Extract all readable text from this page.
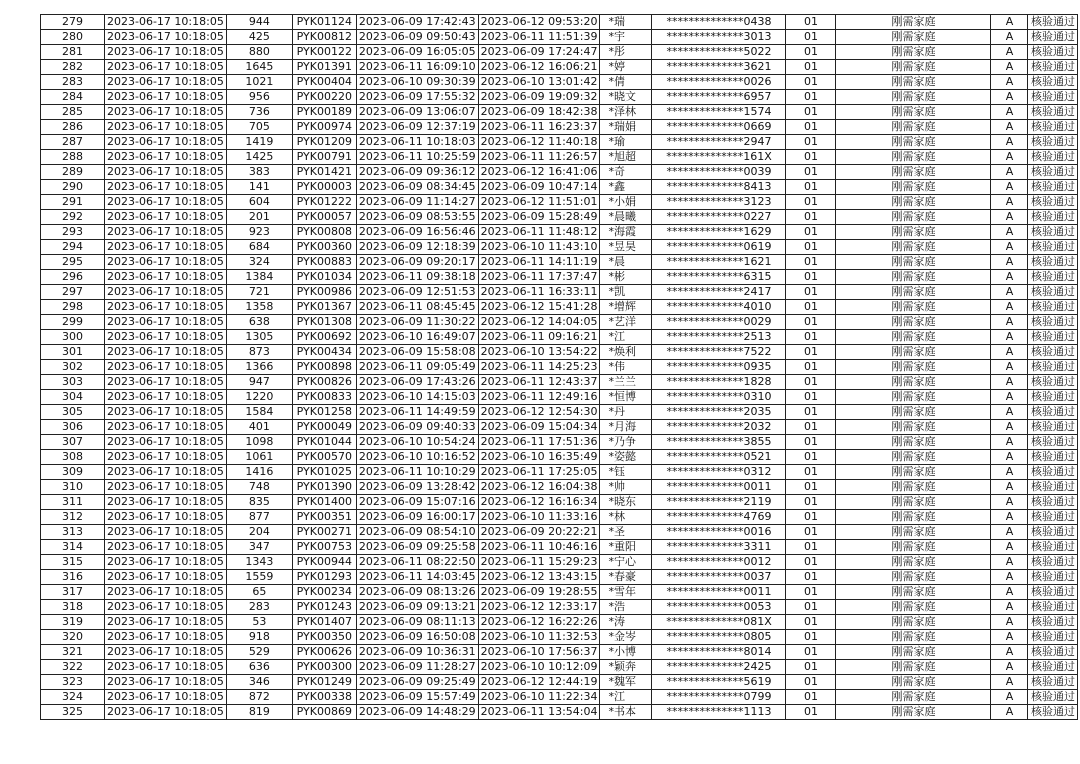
279	2023-06-17 10:18:05	944	PYK01124	2023-06-09 17:42:43	2023-06-12 09:53:20	*瑞	**************0438	01	刚需家庭	A	核验通过
280	2023-06-17 10:18:05	425	PYK00812	2023-06-09 09:50:43	2023-06-11 11:51:39	*宇	**************3013	01	刚需家庭	A	核验通过
281	2023-06-17 10:18:05	880	PYK00122	2023-06-09 16:05:05	2023-06-09 17:24:47	*彤	**************5022	01	刚需家庭	A	核验通过
282	2023-06-17 10:18:05	1645	PYK01391	2023-06-11 16:09:10	2023-06-12 16:06:21	*婷	**************3621	01	刚需家庭	A	核验通过
283	2023-06-17 10:18:05	1021	PYK00404	2023-06-10 09:30:39	2023-06-10 13:01:42	*倩	**************0026	01	刚需家庭	A	核验通过
284	2023-06-17 10:18:05	956	PYK00220	2023-06-09 17:55:32	2023-06-09 19:09:32	*晓文	**************6957	01	刚需家庭	A	核验通过
285	2023-06-17 10:18:05	736	PYK00189	2023-06-09 13:06:07	2023-06-09 18:42:38	*泽林	**************1574	01	刚需家庭	A	核验通过
286	2023-06-17 10:18:05	705	PYK00974	2023-06-09 12:37:19	2023-06-11 16:23:37	*瑞娟	**************0669	01	刚需家庭	A	核验通过
287	2023-06-17 10:18:05	1419	PYK01209	2023-06-11 10:18:03	2023-06-12 11:40:18	*瑜	**************2947	01	刚需家庭	A	核验通过
288	2023-06-17 10:18:05	1425	PYK00791	2023-06-11 10:25:59	2023-06-11 11:26:57	*旭超	**************161X	01	刚需家庭	A	核验通过
289	2023-06-17 10:18:05	383	PYK01421	2023-06-09 09:36:12	2023-06-12 16:41:06	*奇	**************0039	01	刚需家庭	A	核验通过
290	2023-06-17 10:18:05	141	PYK00003	2023-06-09 08:34:45	2023-06-09 10:47:14	*鑫	**************8413	01	刚需家庭	A	核验通过
291	2023-06-17 10:18:05	604	PYK01222	2023-06-09 11:14:27	2023-06-12 11:51:01	*小娟	**************3123	01	刚需家庭	A	核验通过
292	2023-06-17 10:18:05	201	PYK00057	2023-06-09 08:53:55	2023-06-09 15:28:49	*晨曦	**************0227	01	刚需家庭	A	核验通过
293	2023-06-17 10:18:05	923	PYK00808	2023-06-09 16:56:46	2023-06-11 11:48:12	*海霞	**************1629	01	刚需家庭	A	核验通过
294	2023-06-17 10:18:05	684	PYK00360	2023-06-09 12:18:39	2023-06-10 11:43:10	*昱昊	**************0619	01	刚需家庭	A	核验通过
295	2023-06-17 10:18:05	324	PYK00883	2023-06-09 09:20:17	2023-06-11 14:11:19	*晨	**************1621	01	刚需家庭	A	核验通过
296	2023-06-17 10:18:05	1384	PYK01034	2023-06-11 09:38:18	2023-06-11 17:37:47	*彬	**************6315	01	刚需家庭	A	核验通过
297	2023-06-17 10:18:05	721	PYK00986	2023-06-09 12:51:53	2023-06-11 16:33:11	*凯	**************2417	01	刚需家庭	A	核验通过
298	2023-06-17 10:18:05	1358	PYK01367	2023-06-11 08:45:45	2023-06-12 15:41:28	*增辉	**************4010	01	刚需家庭	A	核验通过
299	2023-06-17 10:18:05	638	PYK01308	2023-06-09 11:30:22	2023-06-12 14:04:05	*艺洋	**************0029	01	刚需家庭	A	核验通过
300	2023-06-17 10:18:05	1305	PYK00692	2023-06-10 16:49:07	2023-06-11 09:16:21	*江	**************2513	01	刚需家庭	A	核验通过
301	2023-06-17 10:18:05	873	PYK00434	2023-06-09 15:58:08	2023-06-10 13:54:22	*焕利	**************7522	01	刚需家庭	A	核验通过
302	2023-06-17 10:18:05	1366	PYK00898	2023-06-11 09:05:49	2023-06-11 14:25:23	*伟	**************0935	01	刚需家庭	A	核验通过
303	2023-06-17 10:18:05	947	PYK00826	2023-06-09 17:43:26	2023-06-11 12:43:37	*兰兰	**************1828	01	刚需家庭	A	核验通过
304	2023-06-17 10:18:05	1220	PYK00833	2023-06-10 14:15:03	2023-06-11 12:49:16	*恒博	**************0310	01	刚需家庭	A	核验通过
305	2023-06-17 10:18:05	1584	PYK01258	2023-06-11 14:49:59	2023-06-12 12:54:30	*丹	**************2035	01	刚需家庭	A	核验通过
306	2023-06-17 10:18:05	401	PYK00049	2023-06-09 09:40:33	2023-06-09 15:04:34	*月海	**************2032	01	刚需家庭	A	核验通过
307	2023-06-17 10:18:05	1098	PYK01044	2023-06-10 10:54:24	2023-06-11 17:51:36	*乃争	**************3855	01	刚需家庭	A	核验通过
308	2023-06-17 10:18:05	1061	PYK00570	2023-06-10 10:16:52	2023-06-10 16:35:49	*姿懿	**************0521	01	刚需家庭	A	核验通过
309	2023-06-17 10:18:05	1416	PYK01025	2023-06-11 10:10:29	2023-06-11 17:25:05	*钰	**************0312	01	刚需家庭	A	核验通过
310	2023-06-17 10:18:05	748	PYK01390	2023-06-09 13:28:42	2023-06-12 16:04:38	*帅	**************0011	01	刚需家庭	A	核验通过
311	2023-06-17 10:18:05	835	PYK01400	2023-06-09 15:07:16	2023-06-12 16:16:34	*晓东	**************2119	01	刚需家庭	A	核验通过
312	2023-06-17 10:18:05	877	PYK00351	2023-06-09 16:00:17	2023-06-10 11:33:16	*林	**************4769	01	刚需家庭	A	核验通过
313	2023-06-17 10:18:05	204	PYK00271	2023-06-09 08:54:10	2023-06-09 20:22:21	*圣	**************0016	01	刚需家庭	A	核验通过
314	2023-06-17 10:18:05	347	PYK00753	2023-06-09 09:25:58	2023-06-11 10:46:16	*重阳	**************3311	01	刚需家庭	A	核验通过
315	2023-06-17 10:18:05	1343	PYK00944	2023-06-11 08:22:50	2023-06-11 15:29:23	*宁心	**************0012	01	刚需家庭	A	核验通过
316	2023-06-17 10:18:05	1559	PYK01293	2023-06-11 14:03:45	2023-06-12 13:43:15	*春豪	**************0037	01	刚需家庭	A	核验通过
317	2023-06-17 10:18:05	65	PYK00234	2023-06-09 08:13:26	2023-06-09 19:28:55	*雪年	**************0011	01	刚需家庭	A	核验通过
318	2023-06-17 10:18:05	283	PYK01243	2023-06-09 09:13:21	2023-06-12 12:33:17	*浩	**************0053	01	刚需家庭	A	核验通过
319	2023-06-17 10:18:05	53	PYK01407	2023-06-09 08:11:13	2023-06-12 16:22:26	*涛	**************081X	01	刚需家庭	A	核验通过
320	2023-06-17 10:18:05	918	PYK00350	2023-06-09 16:50:08	2023-06-10 11:32:53	*金岑	**************0805	01	刚需家庭	A	核验通过
321	2023-06-17 10:18:05	529	PYK00626	2023-06-09 10:36:31	2023-06-10 17:56:37	*小博	**************8014	01	刚需家庭	A	核验通过
322	2023-06-17 10:18:05	636	PYK00300	2023-06-09 11:28:27	2023-06-10 10:12:09	*颖奔	**************2425	01	刚需家庭	A	核验通过
323	2023-06-17 10:18:05	346	PYK01249	2023-06-09 09:25:49	2023-06-12 12:44:19	*魏军	**************5619	01	刚需家庭	A	核验通过
324	2023-06-17 10:18:05	872	PYK00338	2023-06-09 15:57:49	2023-06-10 11:22:34	*江	**************0799	01	刚需家庭	A	核验通过
325	2023-06-17 10:18:05	819	PYK00869	2023-06-09 14:48:29	2023-06-11 13:54:04	*书本	**************1113	01	刚需家庭	A	核验通过
